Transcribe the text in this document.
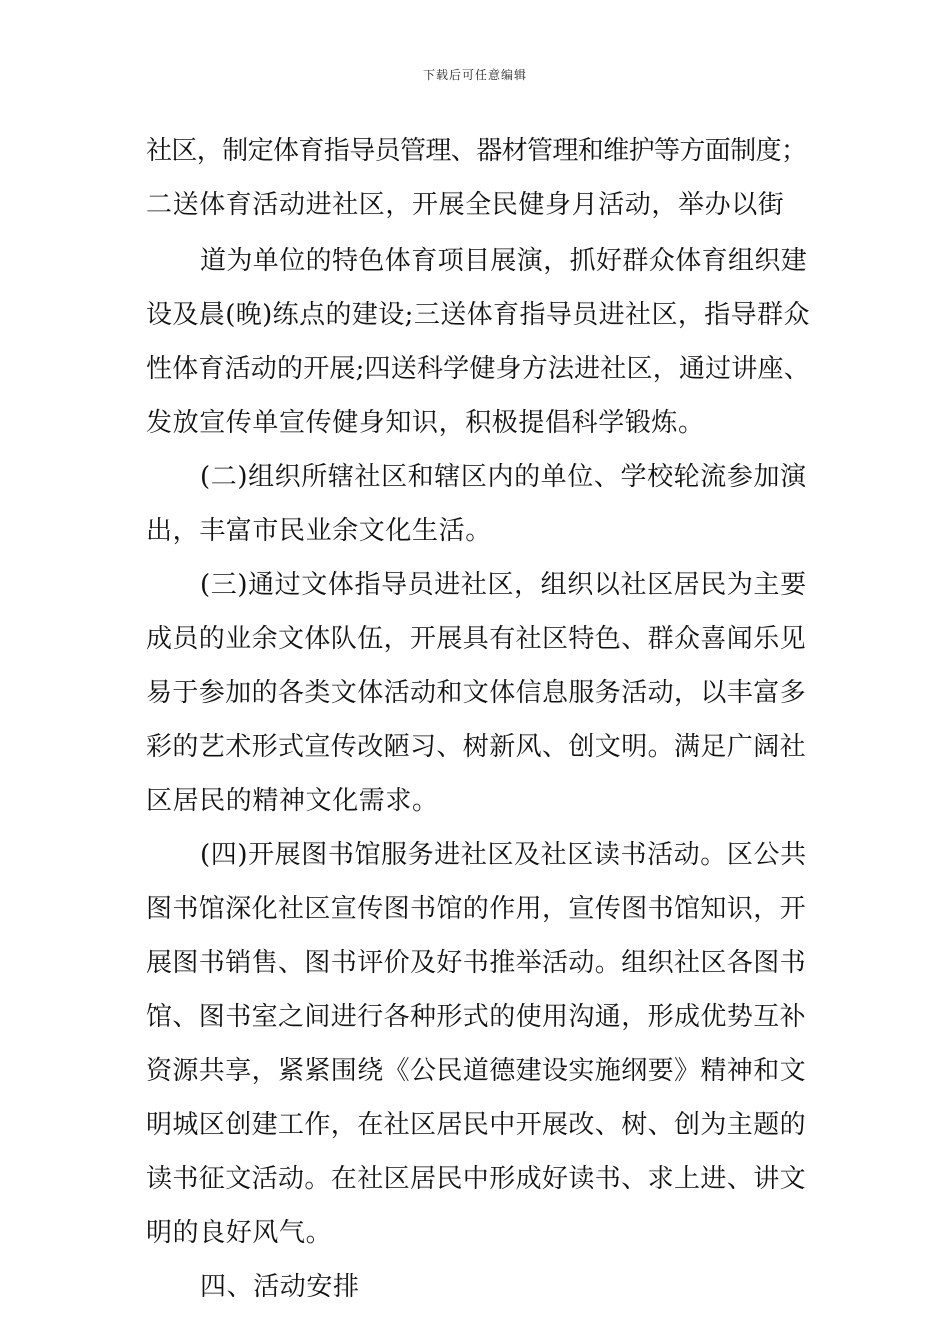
下载后可任意编辑
社区，制定体育指导员管理、器材管理和维护等方面制度；
二送体育活动进社区，开展全民健身月活动，举办以街
道为单位的特色体育项目展演，抓好群众体育组织建
设及晨(晚)练点的建设;三送体育指导员进社区，指导群众
性体育活动的开展;四送科学健身方法进社区，通过讲座、
发放宣传单宣传健身知识，积极提倡科学锻炼。
(二)组织所辖社区和辖区内的单位、学校轮流参加演
出，丰富市民业余文化生活。
(三)通过文体指导员进社区，组织以社区居民为主要
成员的业余文体队伍，开展具有社区特色、群众喜闻乐见
易于参加的各类文体活动和文体信息服务活动，以丰富多
彩的艺术形式宣传改陋习、树新风、创文明。满足广阔社
区居民的精神文化需求。
(四)开展图书馆服务进社区及社区读书活动。区公共
图书馆深化社区宣传图书馆的作用，宣传图书馆知识，开
展图书销售、图书评价及好书推举活动。组织社区各图书
馆、图书室之间进行各种形式的使用沟通，形成优势互补
资源共享，紧紧围绕《公民道德建设实施纲要》精神和文
明城区创建工作，在社区居民中开展改、树、创为主题的
读书征文活动。在社区居民中形成好读书、求上进、讲文
明的良好风气。
四、活动安排
